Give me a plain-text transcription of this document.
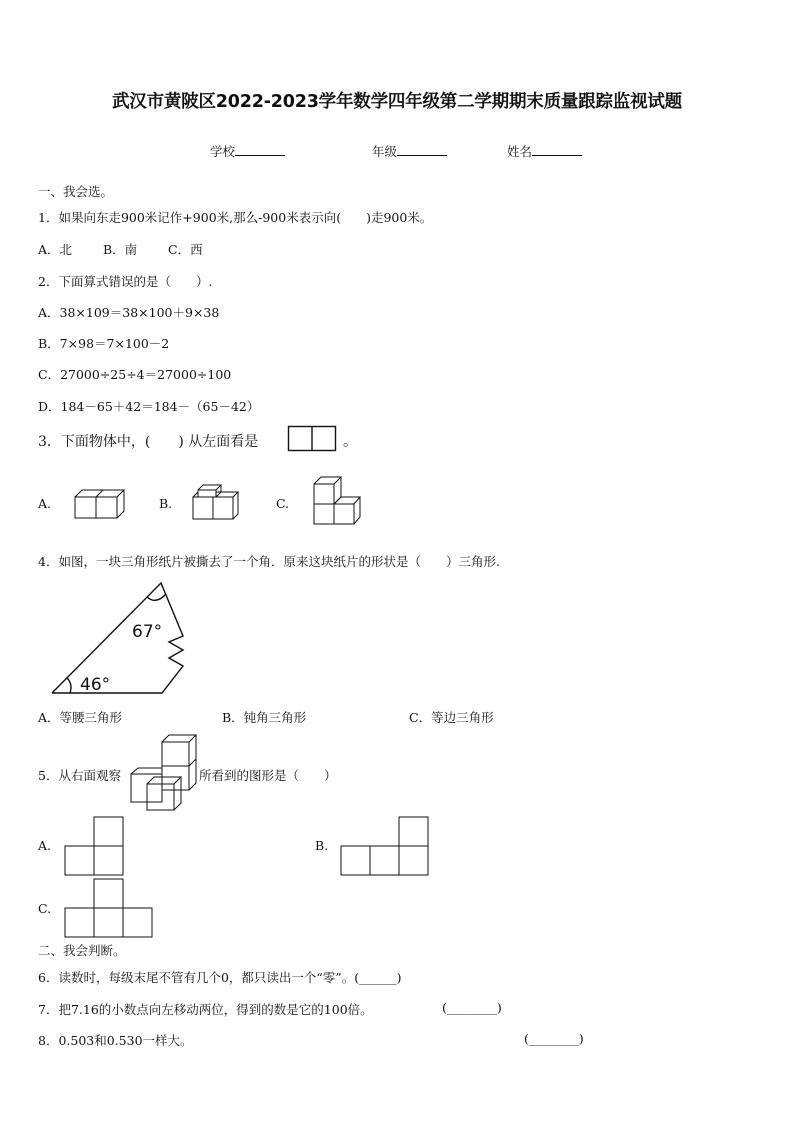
武汉市黄陂区2022-2023学年数学四年级第二学期期末质量跟踪监视试题
学校	年级	姓名
一、我会选。
1．如果向东走900米记作+900米,那么-900米表示向(　　)走900米。
A．北 B．南 C．西
2．下面算式错误的是（　　）.
A．38×109＝38×100＋9×38
B．7×98＝7×100－2
C．27000÷25÷4＝27000÷100
D．184－65＋42＝184－（65－42）
3．下面物体中，(　　) 从左面看是	。
A.	B.	C.
4．如图，一块三角形纸片被撕去了一个角．原来这块纸片的形状是（　　）三角形.
67°
46°
A．等腰三角形	B．钝角三角形	C．等边三角形
5．从右面观察	所看到的图形是（　　）
A.	B.
C.
二、我会判断。
6．读数时，每级末尾不管有几个0，都只读出一个“零”。(______)
7．把7.16的小数点向左移动两位，得到的数是它的100倍。	(________)
8．0.503和0.530一样大。	(________)
